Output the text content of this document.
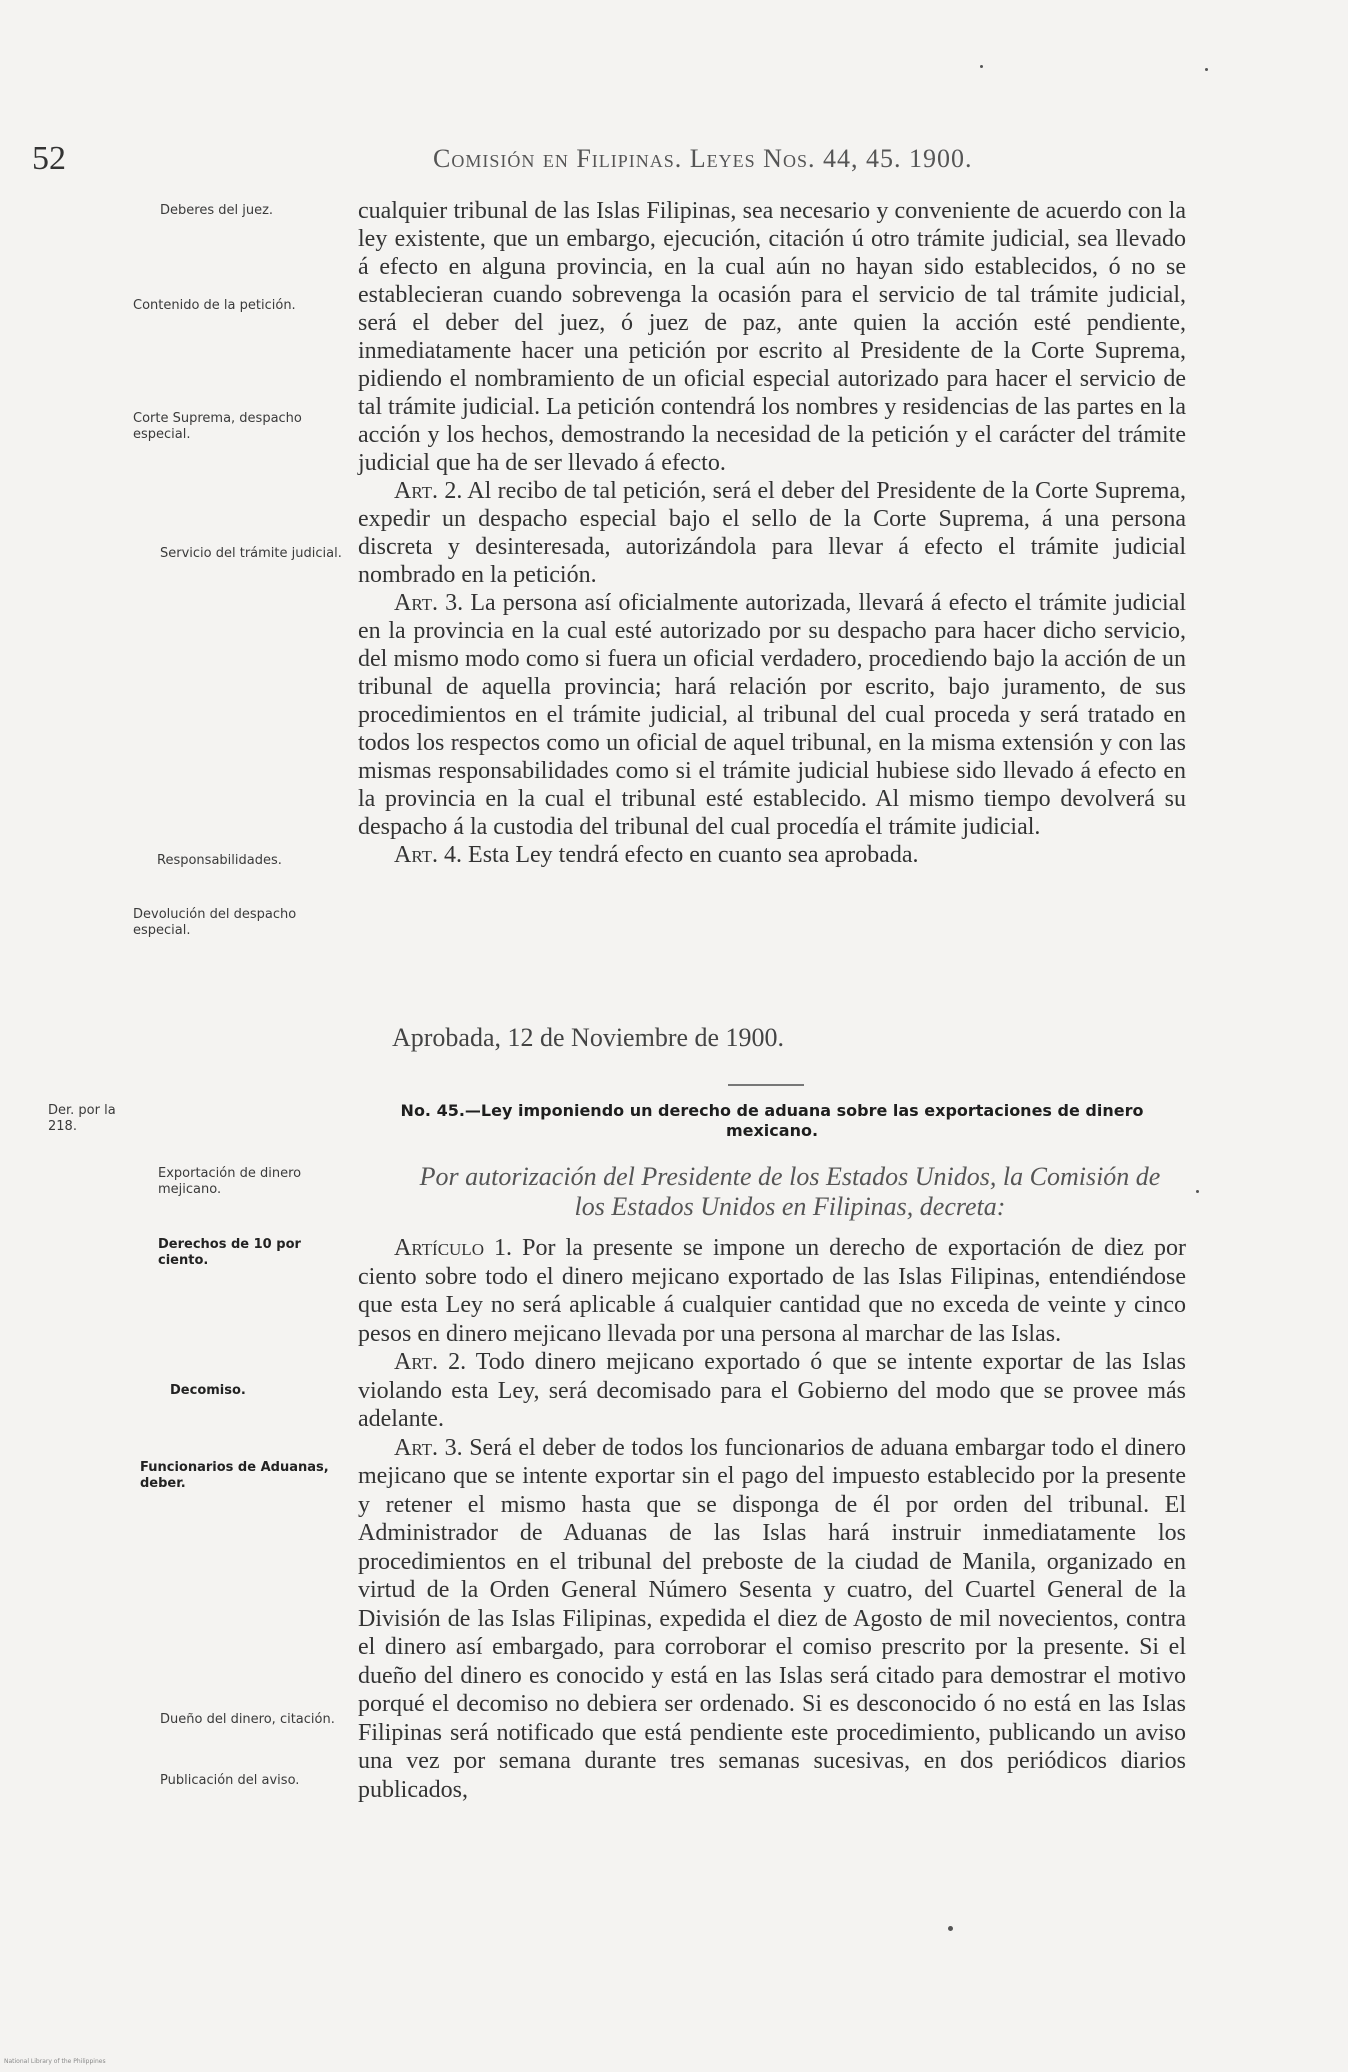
52	Comisión en Filipinas. Leyes Nos. 44, 45. 1900.
Deberes del juez.
Contenido de la petición.
Corte Suprema, despacho especial.
Servicio del trámite judicial.
Responsabilidades.
Devolución del despacho especial.
Der. por la 218.
Exportación de dinero mejicano.
Derechos de 10 por ciento.
Decomiso.
Funcionarios de Aduanas, deber.
Dueño del dinero, citación.
Publicación del aviso.

cualquier tribunal de las Islas Filipinas, sea necesario y conveniente de acuerdo con la ley existente, que un embargo, ejecución, citación ú otro trámite judicial, sea llevado á efecto en alguna provincia, en la cual aún no hayan sido establecidos, ó no se establecieran cuando sobrevenga la ocasión para el servicio de tal trámite judicial, será el deber del juez, ó juez de paz, ante quien la acción esté pendiente, inmediatamente hacer una petición por escrito al Presidente de la Corte Suprema, pidiendo el nombramiento de un oficial especial autorizado para hacer el servicio de tal trámite judicial. La petición contendrá los nombres y residencias de las partes en la acción y los hechos, demostrando la necesidad de la petición y el carácter del trámite judicial que ha de ser llevado á efecto.

Art. 2. Al recibo de tal petición, será el deber del Presidente de la Corte Suprema, expedir un despacho especial bajo el sello de la Corte Suprema, á una persona discreta y desinteresada, autorizándola para llevar á efecto el trámite judicial nombrado en la petición.

Art. 3. La persona así oficialmente autorizada, llevará á efecto el trámite judicial en la provincia en la cual esté autorizado por su despacho para hacer dicho servicio, del mismo modo como si fuera un oficial verdadero, procediendo bajo la acción de un tribunal de aquella provincia; hará relación por escrito, bajo juramento, de sus procedimientos en el trámite judicial, al tribunal del cual proceda y será tratado en todos los respectos como un oficial de aquel tribunal, en la misma extensión y con las mismas responsabilidades como si el trámite judicial hubiese sido llevado á efecto en la provincia en la cual el tribunal esté establecido. Al mismo tiempo devolverá su despacho á la custodia del tribunal del cual procedía el trámite judicial.

Art. 4. Esta Ley tendrá efecto en cuanto sea aprobada.

Aprobada, 12 de Noviembre de 1900.
No. 45.—Ley imponiendo un derecho de aduana sobre las exportaciones de dinero mexicano.
Por autorización del Presidente de los Estados Unidos, la Comisión de los Estados Unidos en Filipinas, decreta:

Artículo 1. Por la presente se impone un derecho de exportación de diez por ciento sobre todo el dinero mejicano exportado de las Islas Filipinas, entendiéndose que esta Ley no será aplicable á cualquier cantidad que no exceda de veinte y cinco pesos en dinero mejicano llevada por una persona al marchar de las Islas.

Art. 2. Todo dinero mejicano exportado ó que se intente exportar de las Islas violando esta Ley, será decomisado para el Gobierno del modo que se provee más adelante.

Art. 3. Será el deber de todos los funcionarios de aduana embargar todo el dinero mejicano que se intente exportar sin el pago del impuesto establecido por la presente y retener el mismo hasta que se disponga de él por orden del tribunal. El Administrador de Aduanas de las Islas hará instruir inmediatamente los procedimientos en el tribunal del preboste de la ciudad de Manila, organizado en virtud de la Orden General Número Sesenta y cuatro, del Cuartel General de la División de las Islas Filipinas, expedida el diez de Agosto de mil novecientos, contra el dinero así embargado, para corroborar el comiso prescrito por la presente. Si el dueño del dinero es conocido y está en las Islas será citado para demostrar el motivo porqué el decomiso no debiera ser ordenado. Si es desconocido ó no está en las Islas Filipinas será notificado que está pendiente este procedimiento, publicando un aviso una vez por semana durante tres semanas sucesivas, en dos periódicos diarios publicados,

National Library of the Philippines
